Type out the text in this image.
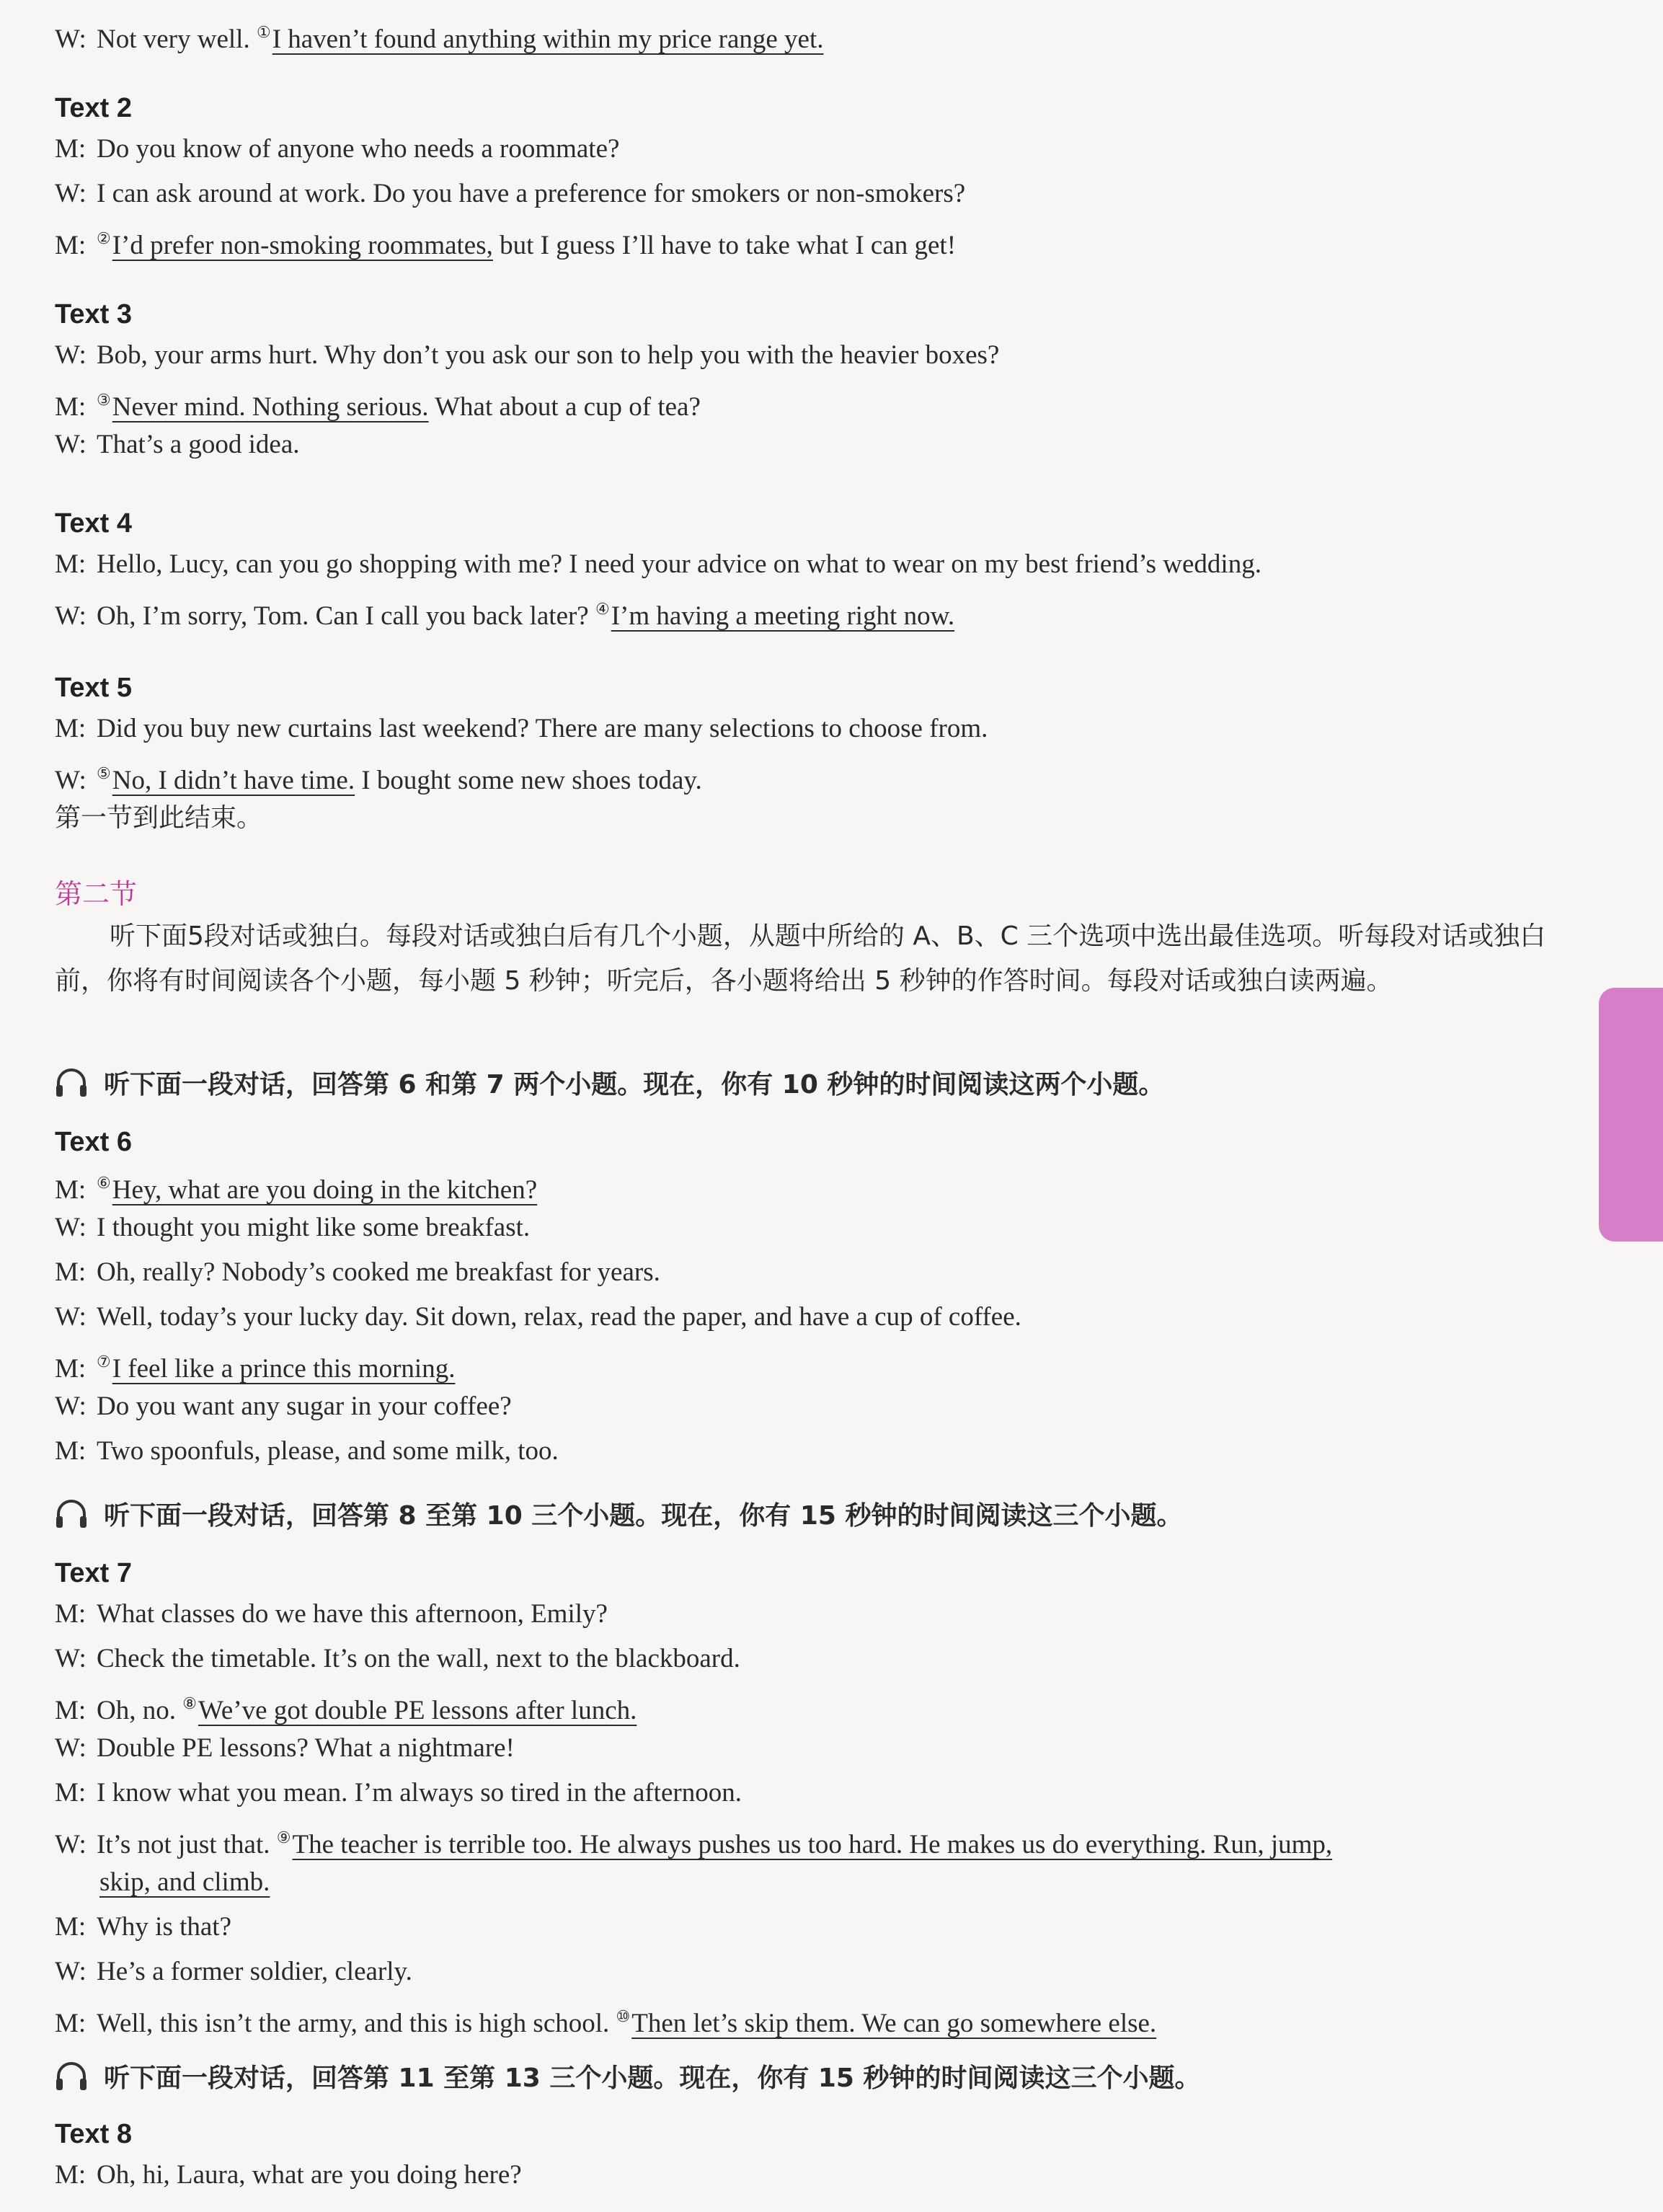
W: Not very well. ①I haven’t found anything within my price range yet.
Text 2
M: Do you know of anyone who needs a roommate?
W: I can ask around at work. Do you have a preference for smokers or non-smokers?
M: ②I’d prefer non-smoking roommates, but I guess I’ll have to take what I can get!
Text 3
W: Bob, your arms hurt. Why don’t you ask our son to help you with the heavier boxes?
M: ③Never mind. Nothing serious. What about a cup of tea?
W: That’s a good idea.
Text 4
M: Hello, Lucy, can you go shopping with me? I need your advice on what to wear on my best friend’s wedding.
W: Oh, I’m sorry, Tom. Can I call you back later? ④I’m having a meeting right now.
Text 5
M: Did you buy new curtains last weekend? There are many selections to choose from.
W: ⑤No, I didn’t have time. I bought some new shoes today.
第一节到此结束。
第二节
听下面5段对话或独白。每段对话或独白后有几个小题，从题中所给的 A、B、C 三个选项中选出最佳选项。听每段对话或独白前，你将有时间阅读各个小题，每小题 5 秒钟；听完后，各小题将给出 5 秒钟的作答时间。每段对话或独白读两遍。
听下面一段对话，回答第 6 和第 7 两个小题。现在，你有 10 秒钟的时间阅读这两个小题。
Text 6
M: ⑥Hey, what are you doing in the kitchen?
W: I thought you might like some breakfast.
M: Oh, really? Nobody’s cooked me breakfast for years.
W: Well, today’s your lucky day. Sit down, relax, read the paper, and have a cup of coffee.
M: ⑦I feel like a prince this morning.
W: Do you want any sugar in your coffee?
M: Two spoonfuls, please, and some milk, too.
听下面一段对话，回答第 8 至第 10 三个小题。现在，你有 15 秒钟的时间阅读这三个小题。
Text 7
M: What classes do we have this afternoon, Emily?
W: Check the timetable. It’s on the wall, next to the blackboard.
M: Oh, no. ⑧We’ve got double PE lessons after lunch.
W: Double PE lessons? What a nightmare!
M: I know what you mean. I’m always so tired in the afternoon.
W: It’s not just that. ⑨The teacher is terrible too. He always pushes us too hard. He makes us do everything. Run, jump,
skip, and climb.
M: Why is that?
W: He’s a former soldier, clearly.
M: Well, this isn’t the army, and this is high school. ⑩Then let’s skip them. We can go somewhere else.
听下面一段对话，回答第 11 至第 13 三个小题。现在，你有 15 秒钟的时间阅读这三个小题。
Text 8
M: Oh, hi, Laura, what are you doing here?
